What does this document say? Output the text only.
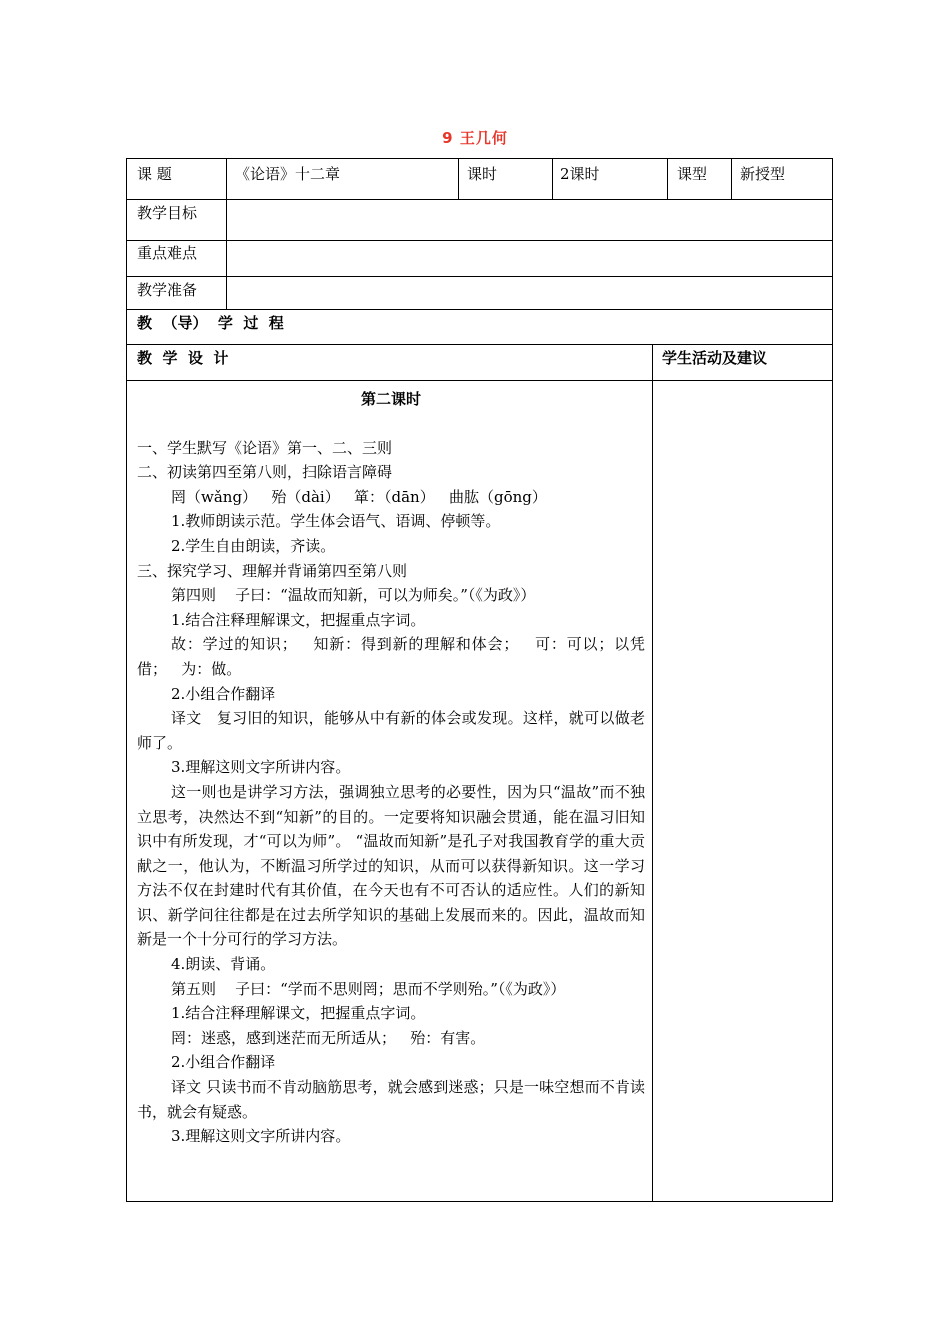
9 王几何
课 题	《论语》十二章	课时	2课时	课型 新授型
教学目标
重点难点
教学准备
教  （导）  学  过  程
教  学  设  计	学生活动及建议

第二课时

一、学生默写《论语》第一、二、三则

二、初读第四至第八则，扫除语言障碍

罔（wǎng）   殆（dài）   箪：（dān）   曲肱（gōng）

1.教师朗读示范。学生体会语气、语调、停顿等。

2.学生自由朗读，齐读。

三、探究学习、理解并背诵第四至第八则

第四则    子曰：“温故而知新，可以为师矣。”（《为政》）

1.结合注释理解课文，把握重点字词。

故：学过的知识；   知新：得到新的理解和体会；   可：可以；以凭借；   为：做。

2.小组合作翻译

译文   复习旧的知识，能够从中有新的体会或发现。这样，就可以做老师了。

3.理解这则文字所讲内容。

这一则也是讲学习方法，强调独立思考的必要性，因为只“温故”而不独立思考，决然达不到“知新”的目的。一定要将知识融会贯通，能在温习旧知识中有所发现，才“可以为师”。 “温故而知新”是孔子对我国教育学的重大贡献之一，他认为，不断温习所学过的知识，从而可以获得新知识。这一学习方法不仅在封建时代有其价值，在今天也有不可否认的适应性。人们的新知识、新学问往往都是在过去所学知识的基础上发展而来的。因此，温故而知新是一个十分可行的学习方法。

4.朗读、背诵。

第五则    子曰：“学而不思则罔；思而不学则殆。”（《为政》）

1.结合注释理解课文，把握重点字词。

罔：迷惑，感到迷茫而无所适从；   殆：有害。

2.小组合作翻译

译文 只读书而不肯动脑筋思考，就会感到迷惑；只是一味空想而不肯读书，就会有疑惑。

3.理解这则文字所讲内容。
